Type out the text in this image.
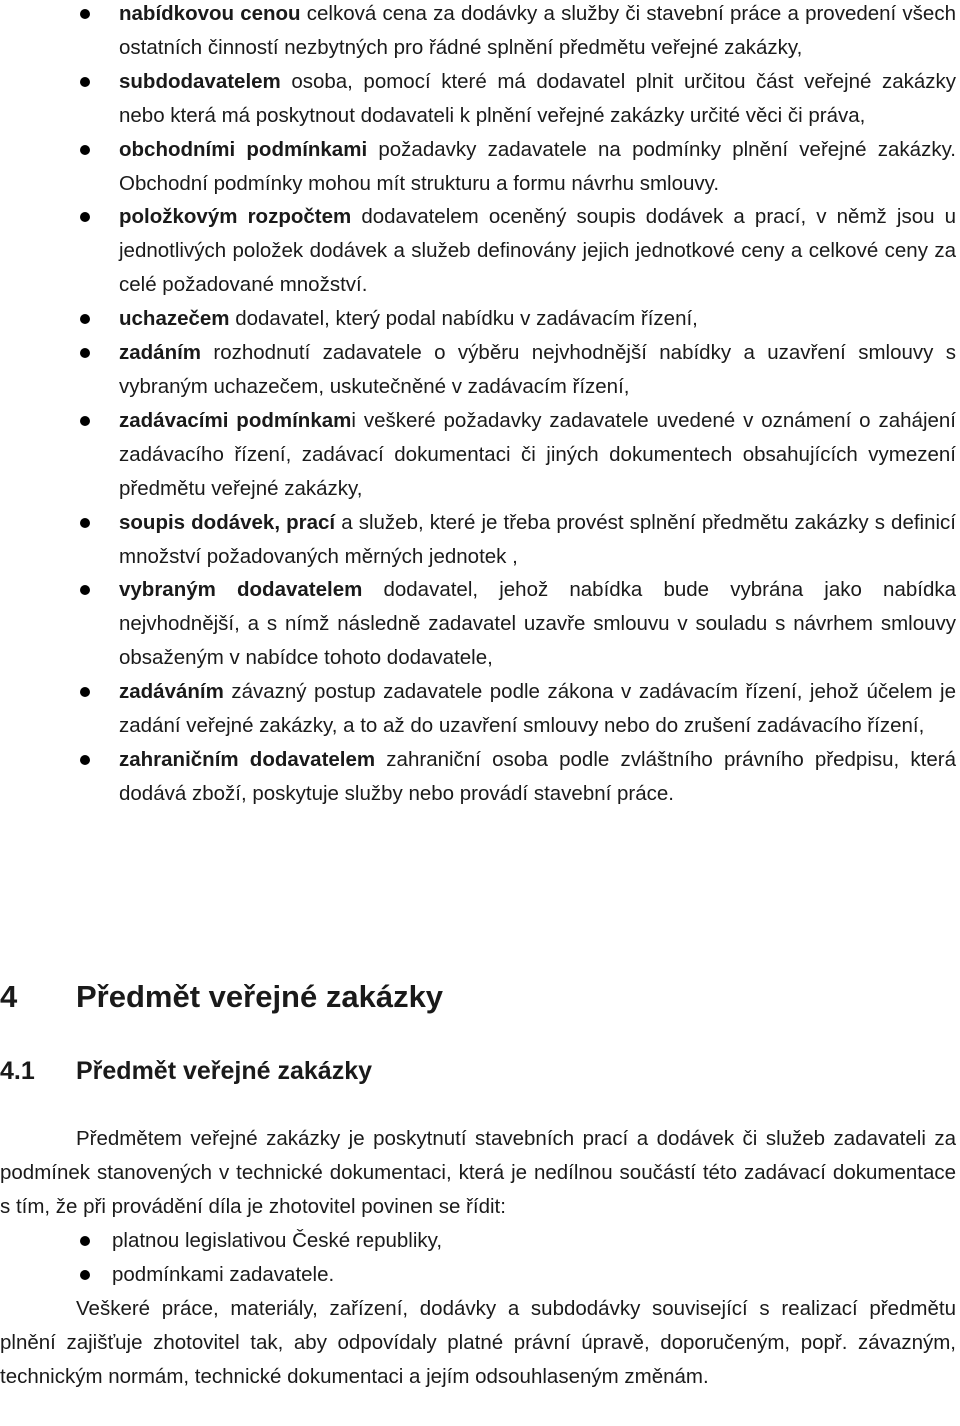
nabídkovou cenou celková cena za dodávky a služby či stavební práce a provedení všech ostatních činností nezbytných pro řádné splnění předmětu veřejné zakázky,
subdodavatelem osoba, pomocí které má dodavatel plnit určitou část veřejné zakázky nebo která má poskytnout dodavateli k plnění veřejné zakázky určité věci či práva,
obchodními podmínkami požadavky zadavatele na podmínky plnění veřejné zakázky. Obchodní podmínky mohou mít strukturu a formu návrhu smlouvy.
položkovým rozpočtem dodavatelem oceněný soupis dodávek a prací, v němž jsou u jednotlivých položek dodávek a služeb definovány jejich jednotkové ceny a celkové ceny za celé požadované množství.
uchazečem dodavatel, který podal nabídku v zadávacím řízení,
zadáním rozhodnutí zadavatele o výběru nejvhodnější nabídky a uzavření smlouvy s vybraným uchazečem, uskutečněné v zadávacím řízení,
zadávacími podmínkami veškeré požadavky zadavatele uvedené v oznámení o zahájení zadávacího řízení, zadávací dokumentaci či jiných dokumentech obsahujících vymezení předmětu veřejné zakázky,
soupis dodávek, prací a služeb, které je třeba provést splnění předmětu zakázky s definicí množství požadovaných měrných jednotek ,
vybraným dodavatelem dodavatel, jehož nabídka bude vybrána jako nabídka nejvhodnější, a s nímž následně zadavatel uzavře smlouvu v souladu s návrhem smlouvy obsaženým v nabídce tohoto dodavatele,
zadáváním závazný postup zadavatele podle zákona v zadávacím řízení, jehož účelem je zadání veřejné zakázky, a to až do uzavření smlouvy nebo do zrušení zadávacího řízení,
zahraničním dodavatelem zahraniční osoba podle zvláštního právního předpisu, která dodává zboží, poskytuje služby nebo provádí stavební práce.
4 Předmět veřejné zakázky
4.1 Předmět veřejné zakázky

Předmětem veřejné zakázky je poskytnutí stavebních prací a dodávek či služeb zadavateli za podmínek stanovených v technické dokumentaci, která je nedílnou součástí této zadávací dokumentace s tím, že při provádění díla je zhotovitel povinen se řídit:

platnou legislativou České republiky,
podmínkami zadavatele.

Veškeré práce, materiály, zařízení, dodávky a subdodávky související s realizací předmětu plnění zajišťuje zhotovitel tak, aby odpovídaly platné právní úpravě, doporučeným, popř. závazným, technickým normám, technické dokumentaci a jejím odsouhlaseným změnám.
